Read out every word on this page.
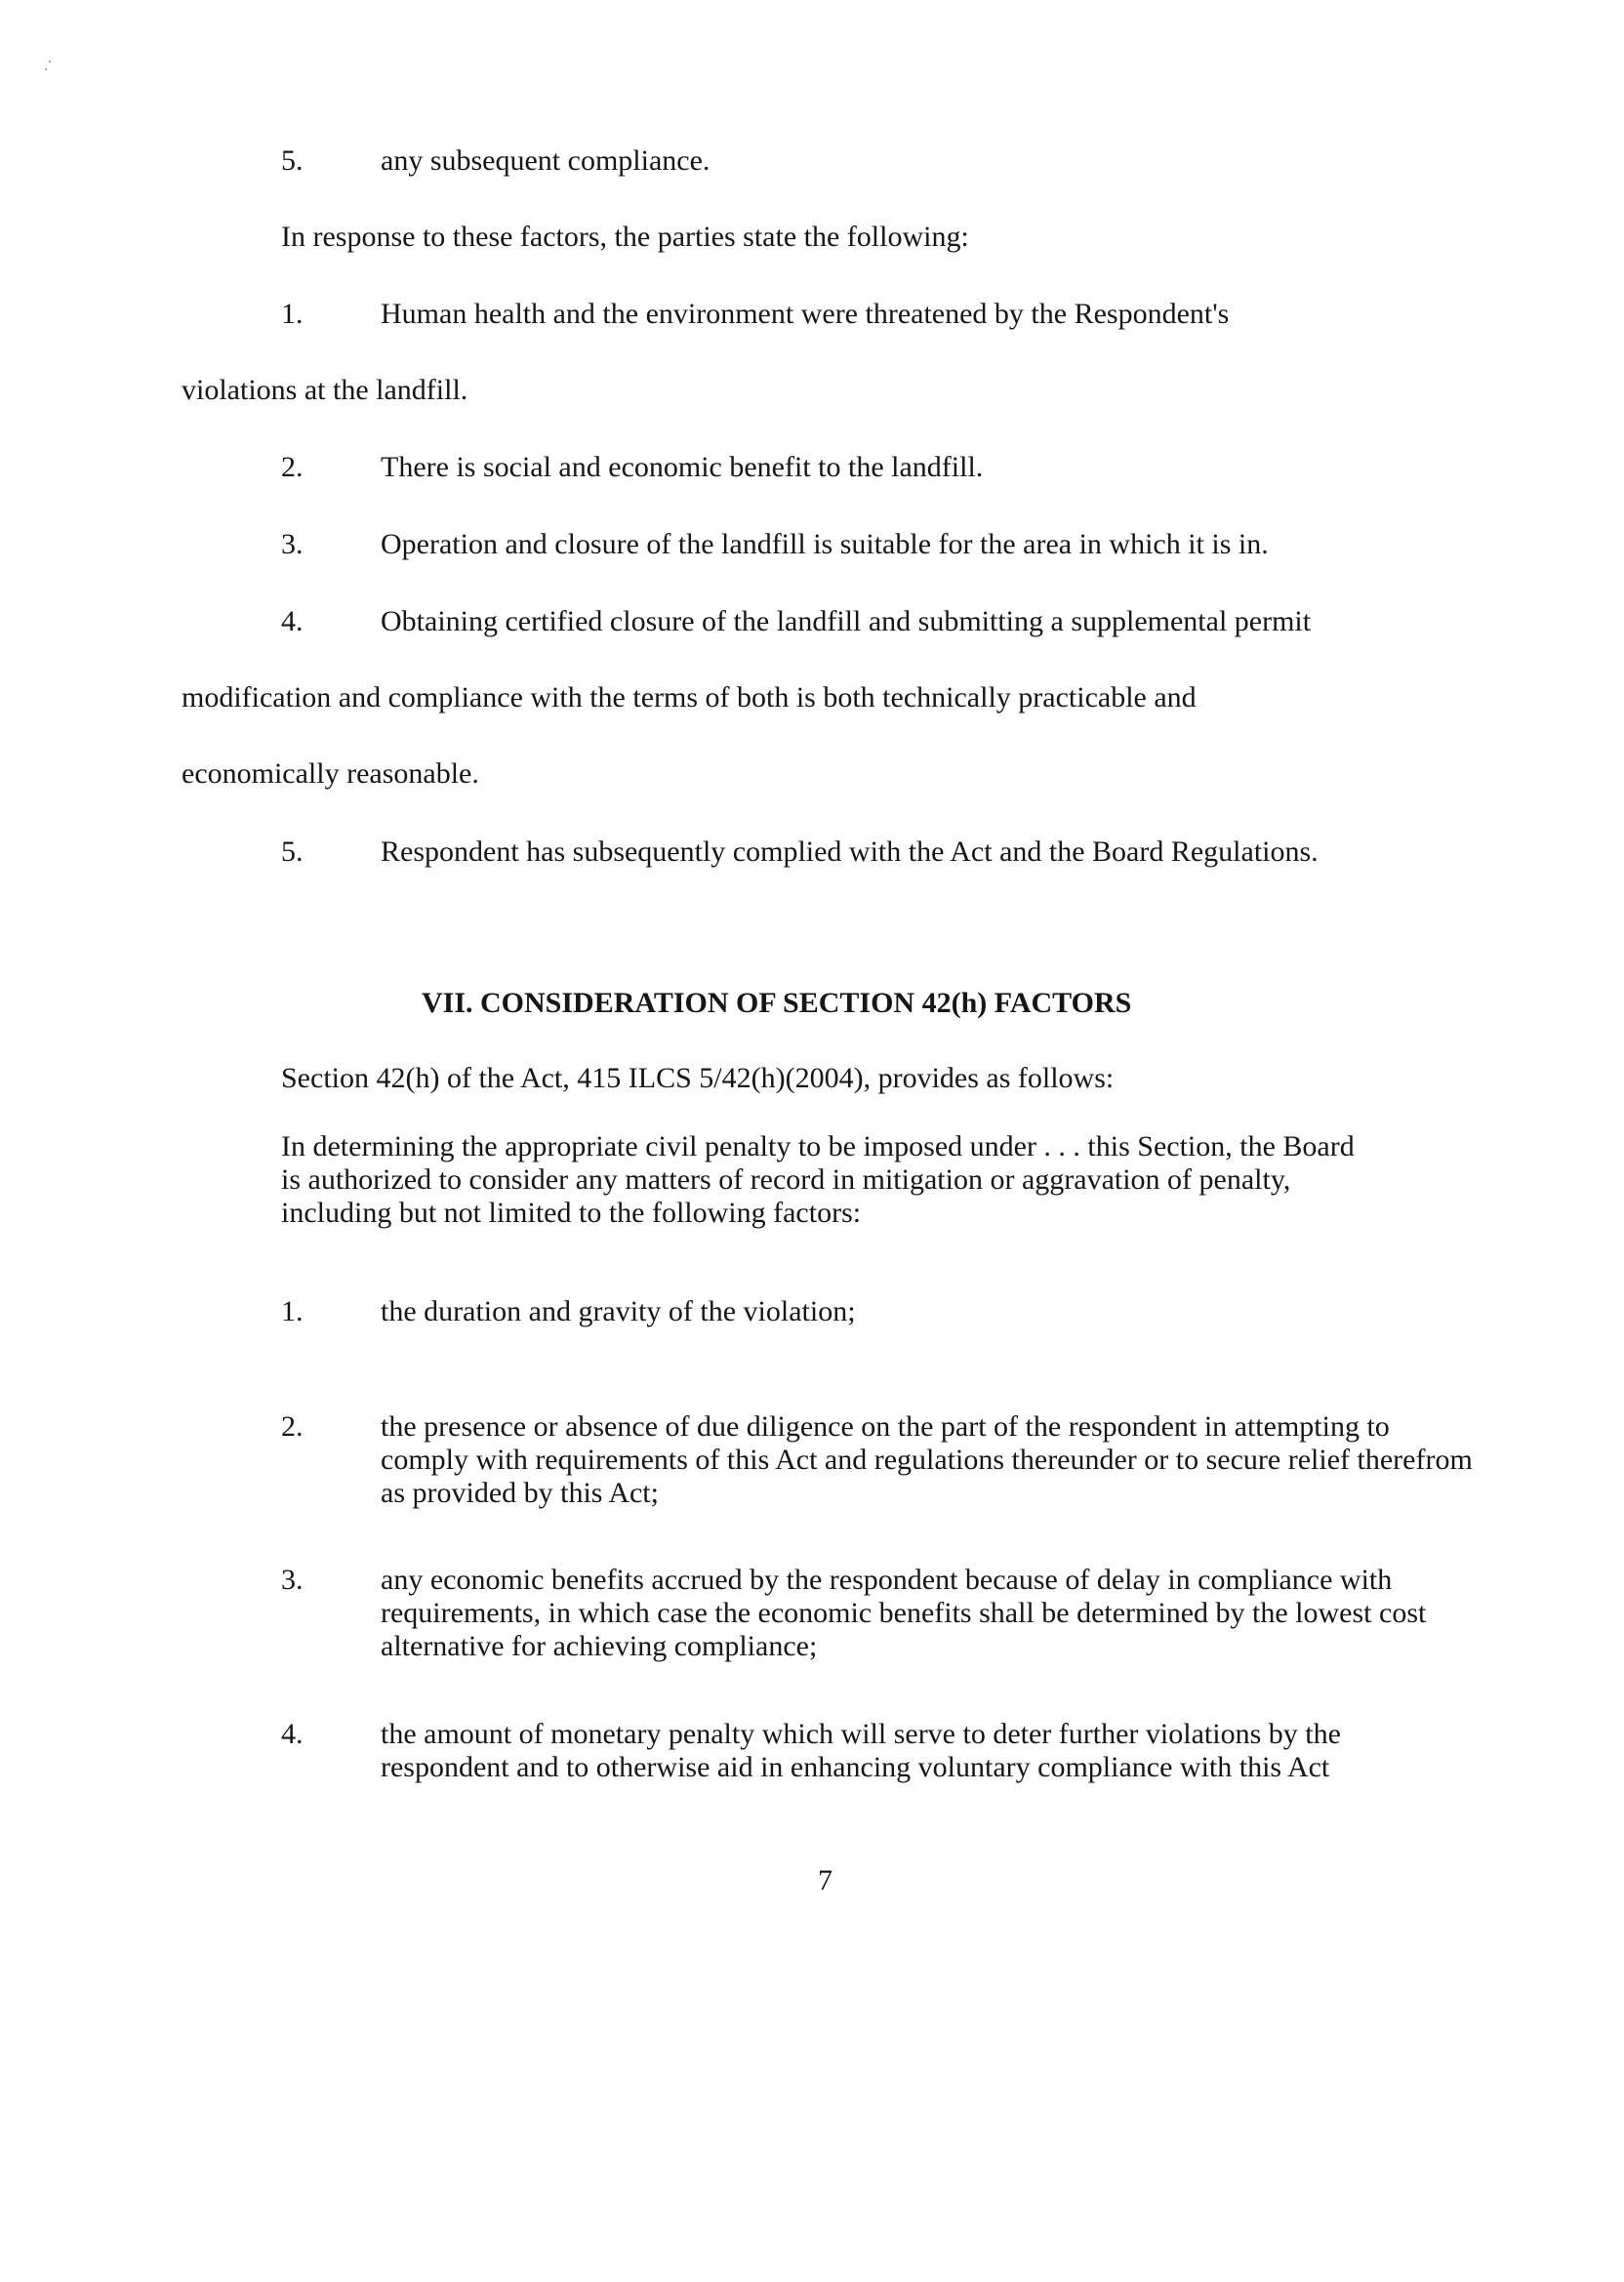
5.	any subsequent compliance.
In response to these factors, the parties state the following:
1.	Human health and the environment were threatened by the Respondent's
violations at the landfill.
2.	There is social and economic benefit to the landfill.
3.	Operation and closure of the landfill is suitable for the area in which it is in.
4.	Obtaining certified closure of the landfill and submitting a supplemental permit
modification and compliance with the terms of both is both technically practicable and
economically reasonable.
5.	Respondent has subsequently complied with the Act and the Board Regulations.
VII. CONSIDERATION OF SECTION 42(h) FACTORS
Section 42(h) of the Act, 415 ILCS 5/42(h)(2004), provides as follows:
In determining the appropriate civil penalty to be imposed under . . . this Section, the Board is authorized to consider any matters of record in mitigation or aggravation of penalty, including but not limited to the following factors:
1.	the duration and gravity of the violation;
2.	the presence or absence of due diligence on the part of the respondent in attempting to comply with requirements of this Act and regulations thereunder or to secure relief therefrom as provided by this Act;
3.	any economic benefits accrued by the respondent because of delay in compliance with requirements, in which case the economic benefits shall be determined by the lowest cost alternative for achieving compliance;
4.	the amount of monetary penalty which will serve to deter further violations by the respondent and to otherwise aid in enhancing voluntary compliance with this Act
7
